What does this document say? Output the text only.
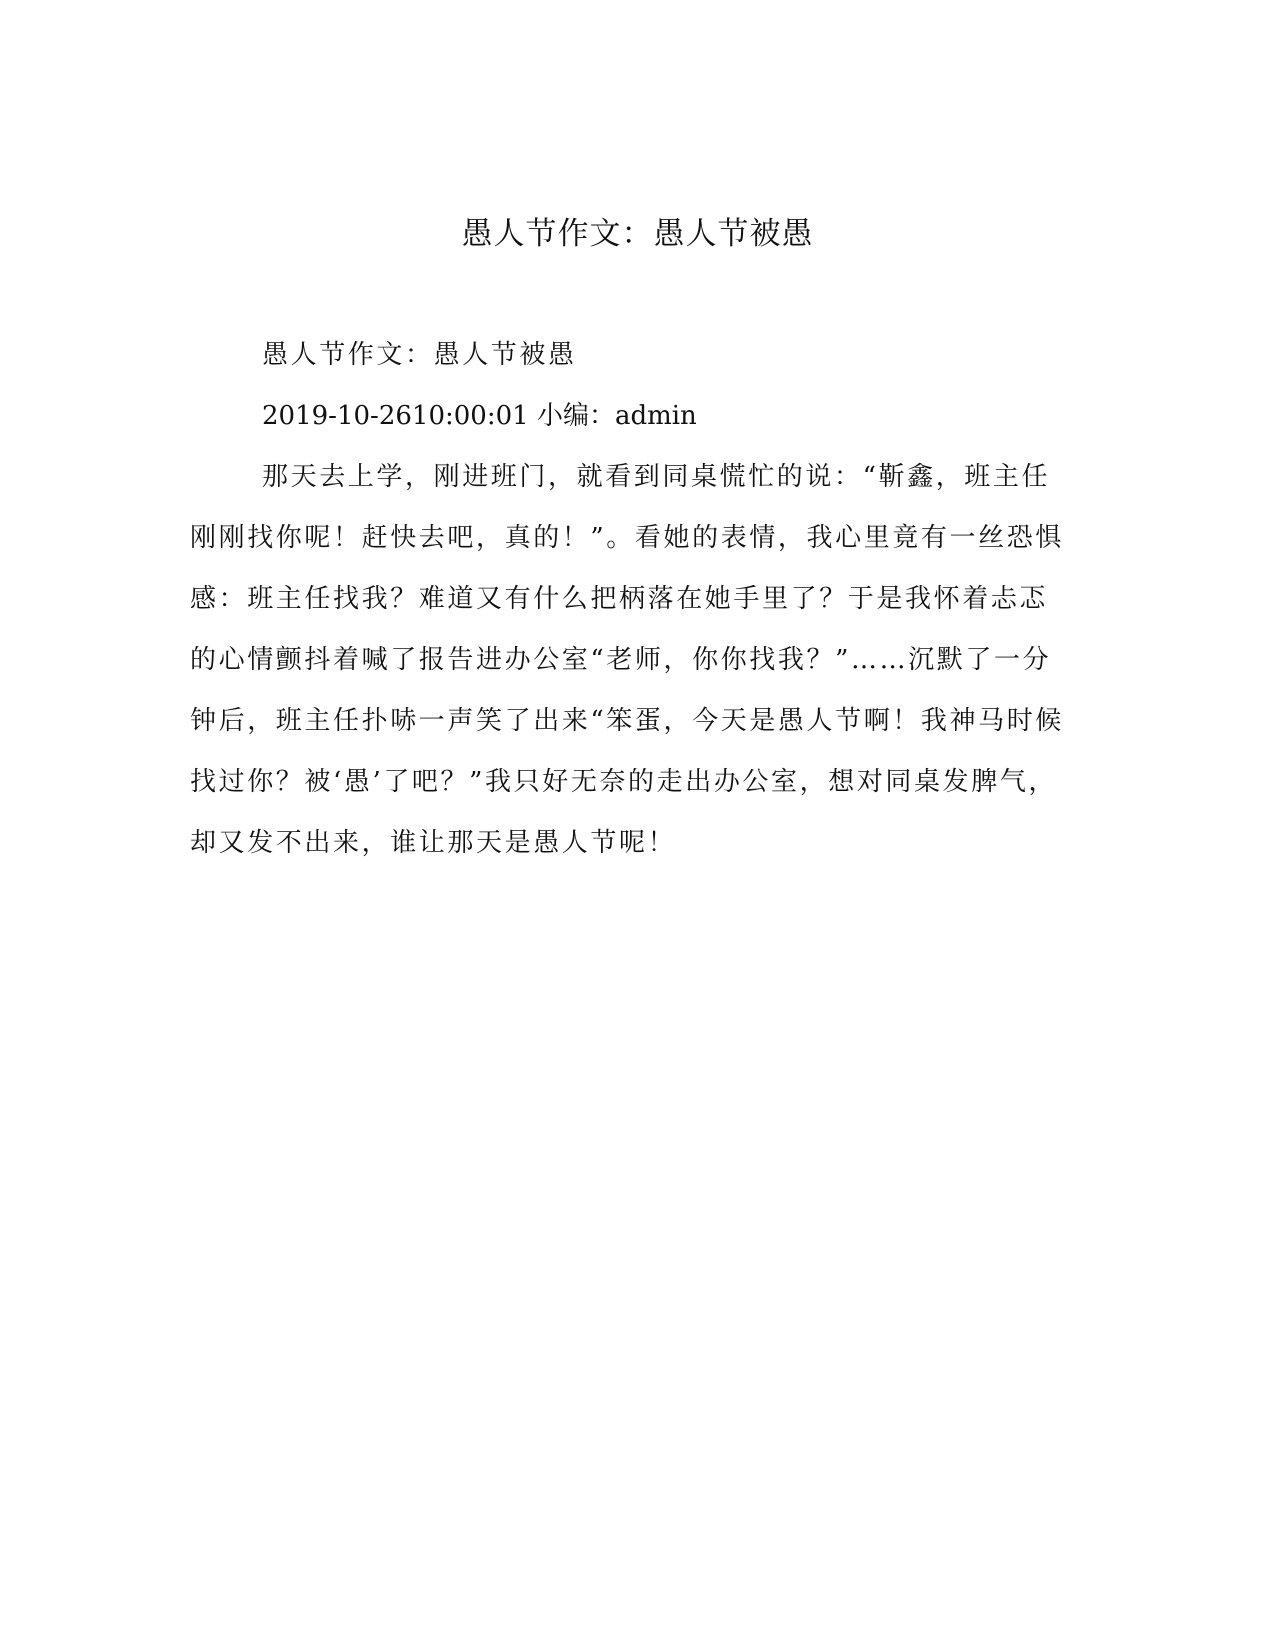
愚人节作文：愚人节被愚

愚人节作文：愚人节被愚

2019-10-2610:00:01 小编：admin

那天去上学，刚进班门，就看到同桌慌忙的说：“靳鑫，班主任刚刚找你呢！赶快去吧，真的！”。看她的表情，我心里竟有一丝恐惧感：班主任找我？难道又有什么把柄落在她手里了？于是我怀着忐忑的心情颤抖着喊了报告进办公室“老师，你你找我？”……沉默了一分钟后，班主任扑哧一声笑了出来“笨蛋，今天是愚人节啊！我神马时候找过你？被‘愚’了吧？”我只好无奈的走出办公室，想对同桌发脾气，却又发不出来，谁让那天是愚人节呢！
